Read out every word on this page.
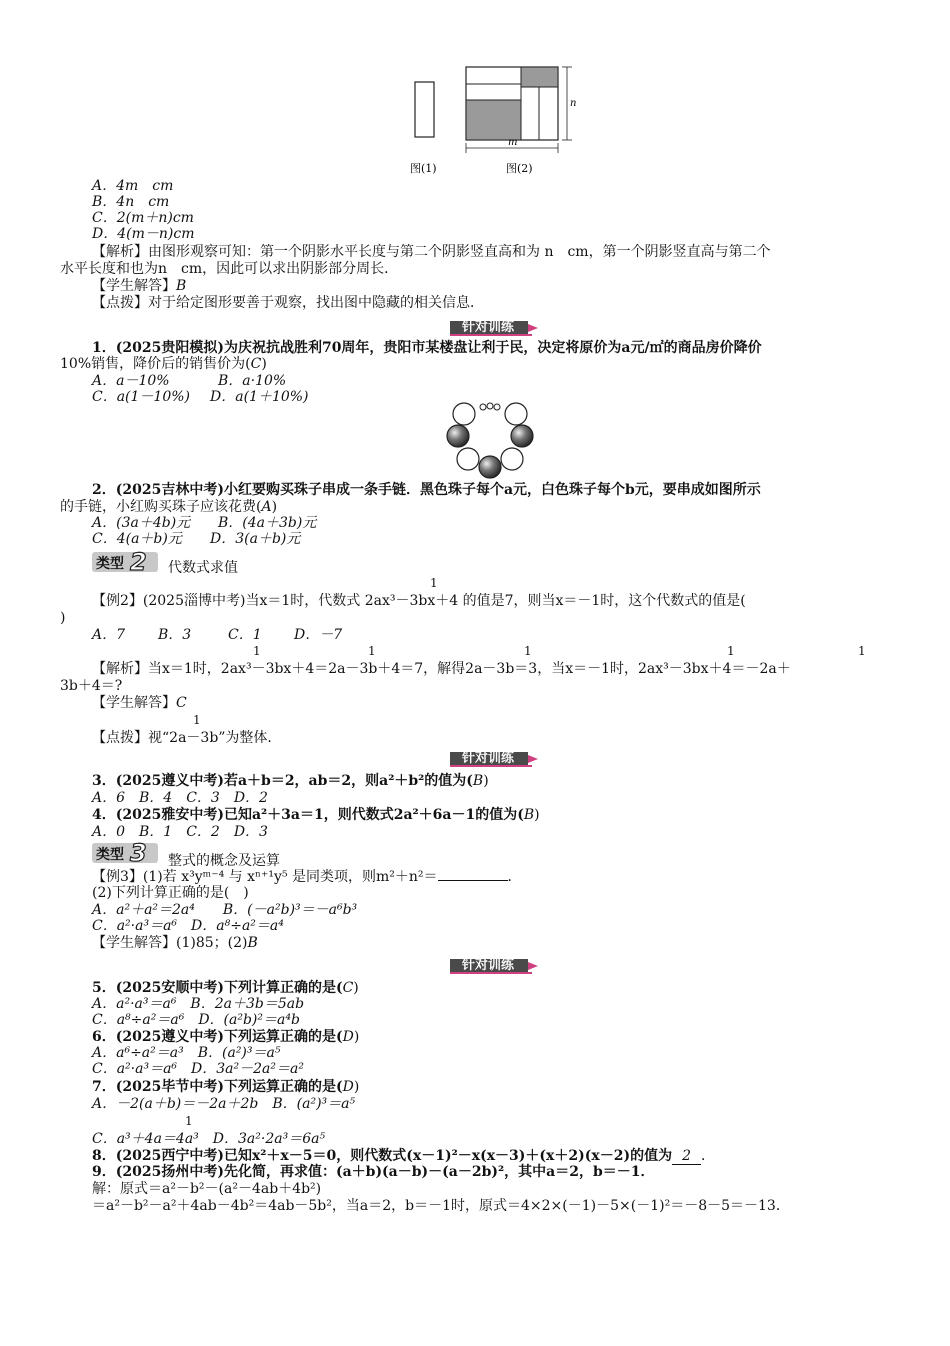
m
n
图(1)	图(2)
A．4m　cm
B．4n　cm
C．2(m＋n)cm
D．4(m－n)cm
【解析】由图形观察可知：第一个阴影水平长度与第二个阴影竖直高和为 n　cm，第一个阴影竖直高与第二个
水平长度和也为n　cm，因此可以求出阴影部分周长．
【学生解答】B
【点拨】对于给定图形要善于观察，找出图中隐藏的相关信息．
针对训练
1．(2025贵阳模拟)为庆祝抗战胜利70周年，贵阳市某楼盘让利于民，决定将原价为a元/㎡的商品房价降价
10%销售，降价后的销售价为(C)
A．a－10%	B．a·10%
C．a(1－10%) D．a(1＋10%)
2．(2025吉林中考)小红要购买珠子串成一条手链．黑色珠子每个a元，白色珠子每个b元，要串成如图所示
的手链，小红购买珠子应该花费(A)
A．(3a＋4b)元 B．(4a＋3b)元
C．4(a＋b)元 D．3(a＋b)元
类型 2 代数式求值
1
【例2】(2025淄博中考)当x＝1时，代数式 2ax³－3bx＋4 的值是7，则当x＝－1时，这个代数式的值是(
)
A．7 B．3	C．1 D．－7
1	1	1	1	1
【解析】当x＝1时，2ax³－3bx＋4＝2a－3b＋4＝7，解得2a－3b＝3，当x＝－1时，2ax³－3bx＋4＝－2a＋
3b＋4＝?
【学生解答】C
1
【点拨】视“2a－3b”为整体．
针对训练
3．(2025遵义中考)若a＋b＝2，ab＝2，则a²＋b²的值为(B)
A．6　B．4　C．3　D．2
4．(2025雅安中考)已知a²＋3a＝1，则代数式2a²＋6a－1的值为(B)
A．0　B．1　C．2　D．3
类型 3 整式的概念及运算
【例3】(1)若 x³yᵐ⁻⁴ 与 xⁿ⁺¹y⁵ 是同类项，则m²＋n²＝	．
(2)下列计算正确的是(　)
A．a²＋a²＝2a⁴　　B．(－a²b)³＝－a⁶b³
C．a²·a³＝a⁶　D．a⁸÷a²＝a⁴
【学生解答】(1)85；(2)B
针对训练
5．(2025安顺中考)下列计算正确的是(C)
A．a²·a³＝a⁶　B．2a＋3b＝5ab
C．a⁸÷a²＝a⁶　D．(a²b)²＝a⁴b
6．(2025遵义中考)下列运算正确的是(D)
A．a⁶÷a²＝a³　B．(a²)³＝a⁵
C．a²·a³＝a⁶　D．3a²－2a²＝a²
7．(2025毕节中考)下列运算正确的是(D)
A．－2(a＋b)＝－2a＋2b　B．(a²)³＝a⁵
1
C．a³＋4a＝4a³　D．3a²·2a³＝6a⁵
8．(2025西宁中考)已知x²＋x－5＝0，则代数式(x－1)²－x(x－3)＋(x＋2)(x－2)的值为 2 ．
9．(2025扬州中考)先化简，再求值：(a＋b)(a－b)－(a－2b)²，其中a＝2，b＝－1．
解：原式＝a²－b²－(a²－4ab＋4b²)
＝a²－b²－a²＋4ab－4b²＝4ab－5b²，当a＝2，b＝－1时，原式＝4×2×(－1)－5×(－1)²＝－8－5＝－13．
